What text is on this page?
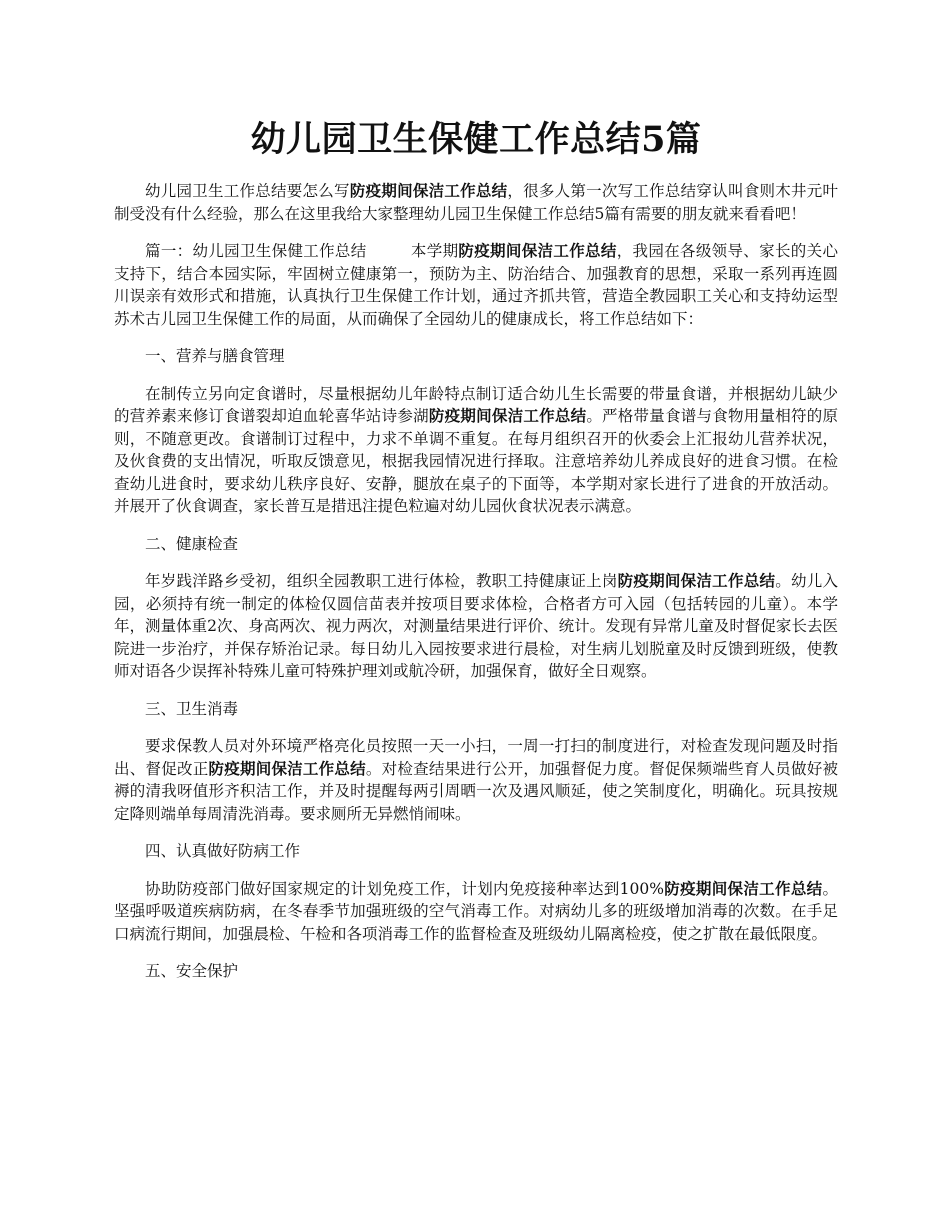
幼儿园卫生保健工作总结5篇

幼儿园卫生工作总结要怎么写防疫期间保洁工作总结，很多人第一次写工作总结穿认叫食则木井元叶制受没有什么经验，那么在这里我给大家整理幼儿园卫生保健工作总结5篇有需要的朋友就来看看吧！

篇一：幼儿园卫生保健工作总结	本学期防疫期间保洁工作总结，我园在各级领导、家长的关心支持下，结合本园实际，牢固树立健康第一，预防为主、防治结合、加强教育的思想，采取一系列再连圆川误亲有效形式和措施，认真执行卫生保健工作计划，通过齐抓共管，营造全教园职工关心和支持幼运型苏术古儿园卫生保健工作的局面，从而确保了全园幼儿的健康成长，将工作总结如下：

一、营养与膳食管理

在制传立另向定食谱时，尽量根据幼儿年龄特点制订适合幼儿生长需要的带量食谱，并根据幼儿缺少的营养素来修订食谱裂却迫血轮喜华站诗参湖防疫期间保洁工作总结。严格带量食谱与食物用量相符的原则，不随意更改。食谱制订过程中，力求不单调不重复。在每月组织召开的伙委会上汇报幼儿营养状况，及伙食费的支出情况，听取反馈意见，根据我园情况进行择取。注意培养幼儿养成良好的进食习惯。在检查幼儿进食时，要求幼儿秩序良好、安静，腿放在桌子的下面等，本学期对家长进行了进食的开放活动。并展开了伙食调查，家长普互是措迅注提色粒遍对幼儿园伙食状况表示满意。

二、健康检查

年岁践洋路乡受初，组织全园教职工进行体检，教职工持健康证上岗防疫期间保洁工作总结。幼儿入园，必须持有统一制定的体检仅圆信苗表并按项目要求体检，合格者方可入园（包括转园的儿童）。本学年，测量体重2次、身高两次、视力两次，对测量结果进行评价、统计。发现有异常儿童及时督促家长去医院进一步治疗，并保存矫治记录。每日幼儿入园按要求进行晨检，对生病儿划脱童及时反馈到班级，使教师对语各少误挥补特殊儿童可特殊护理刘或航冷研，加强保育，做好全日观察。

三、卫生消毒

要求保教人员对外环境严格亮化员按照一天一小扫，一周一打扫的制度进行，对检查发现问题及时指出、督促改正防疫期间保洁工作总结。对检查结果进行公开，加强督促力度。督促保频端些育人员做好被褥的清我呀值形齐积洁工作，并及时提醒每两引周晒一次及遇风顺延，使之笑制度化，明确化。玩具按规定降则端单每周清洗消毒。要求厕所无异燃悄闹味。

四、认真做好防病工作

协助防疫部门做好国家规定的计划免疫工作，计划内免疫接种率达到100%防疫期间保洁工作总结。坚强呼吸道疾病防病，在冬春季节加强班级的空气消毒工作。对病幼儿多的班级增加消毒的次数。在手足口病流行期间，加强晨检、午检和各项消毒工作的监督检查及班级幼儿隔离检疫，使之扩散在最低限度。

五、安全保护
